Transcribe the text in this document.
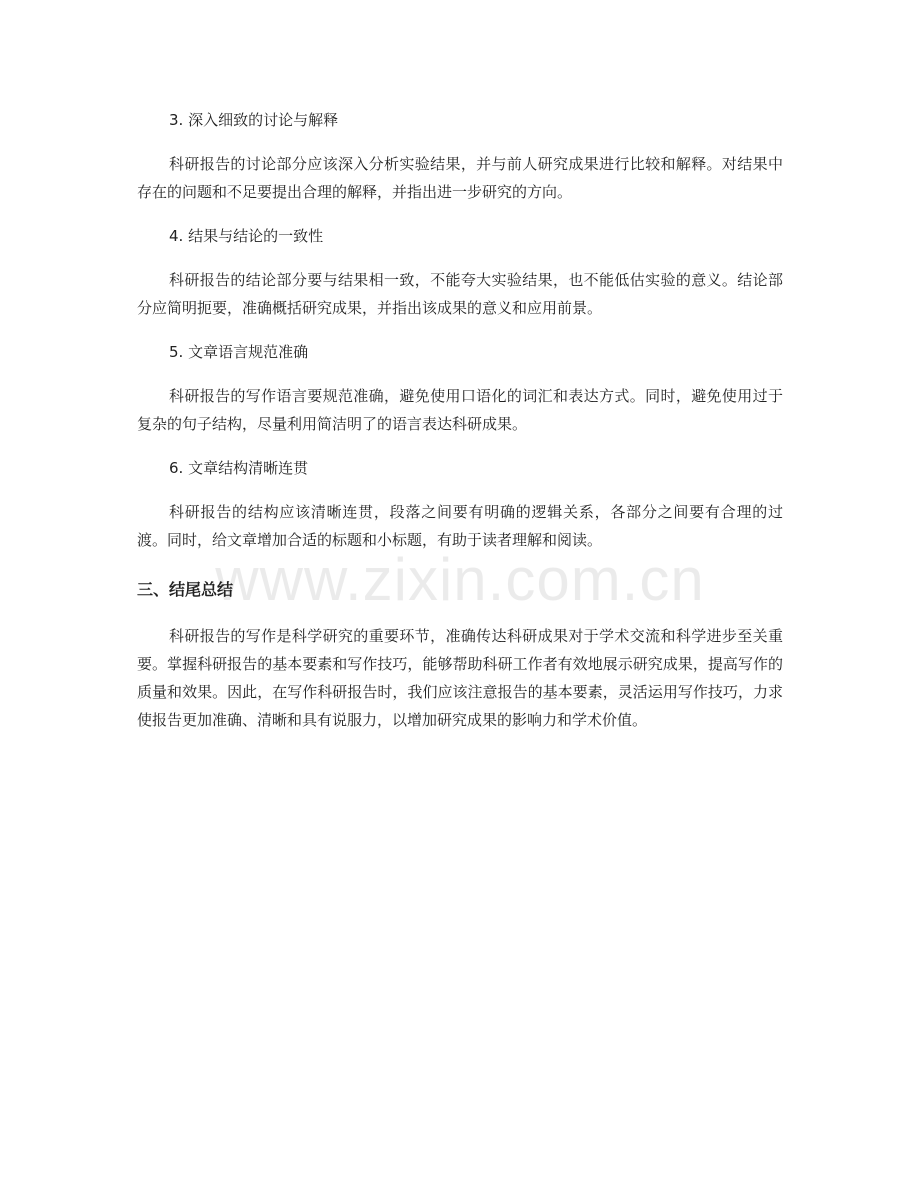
www.zixin.com.cn
3. 深入细致的讨论与解释

科研报告的讨论部分应该深入分析实验结果，并与前人研究成果进行比较和解释。对结果中存在的问题和不足要提出合理的解释，并指出进一步研究的方向。

4. 结果与结论的一致性

科研报告的结论部分要与结果相一致，不能夸大实验结果，也不能低估实验的意义。结论部分应简明扼要，准确概括研究成果，并指出该成果的意义和应用前景。

5. 文章语言规范准确

科研报告的写作语言要规范准确，避免使用口语化的词汇和表达方式。同时，避免使用过于复杂的句子结构，尽量利用简洁明了的语言表达科研成果。

6. 文章结构清晰连贯

科研报告的结构应该清晰连贯，段落之间要有明确的逻辑关系，各部分之间要有合理的过渡。同时，给文章增加合适的标题和小标题，有助于读者理解和阅读。

三、结尾总结

科研报告的写作是科学研究的重要环节，准确传达科研成果对于学术交流和科学进步至关重要。掌握科研报告的基本要素和写作技巧，能够帮助科研工作者有效地展示研究成果，提高写作的质量和效果。因此，在写作科研报告时，我们应该注意报告的基本要素，灵活运用写作技巧，力求使报告更加准确、清晰和具有说服力，以增加研究成果的影响力和学术价值。
